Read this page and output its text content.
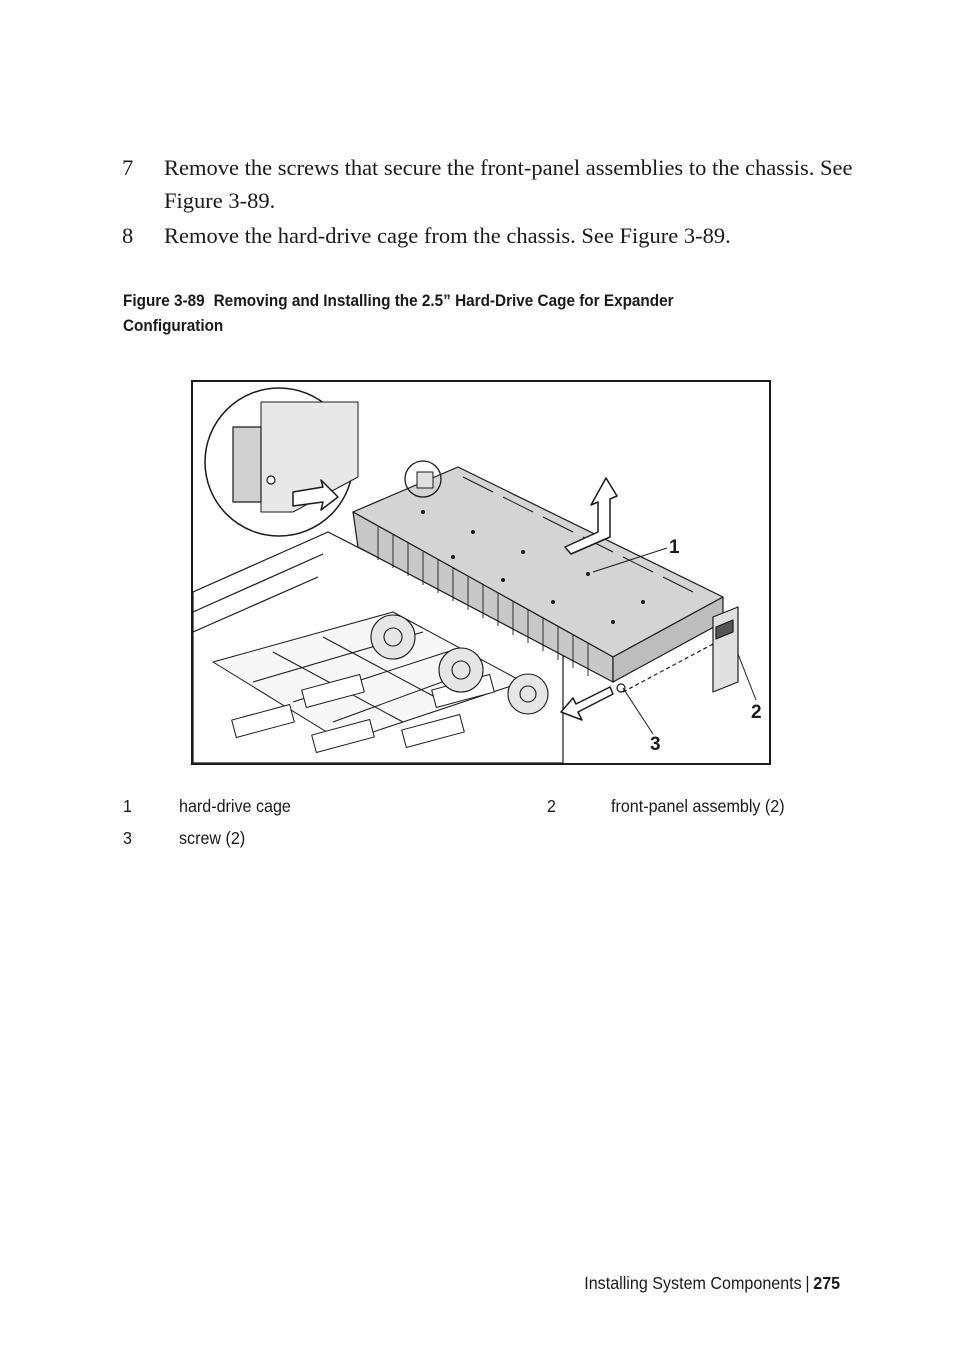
7 Remove the screws that secure the front-panel assemblies to the chassis. See Figure 3-89.
8 Remove the hard-drive cage from the chassis. See Figure 3-89.
Figure 3-89 Removing and Installing the 2.5” Hard-Drive Cage for Expander Configuration
1
2
3
1	hard-drive cage	2	front-panel assembly (2)
3	screw (2)
Installing System Components | 275
